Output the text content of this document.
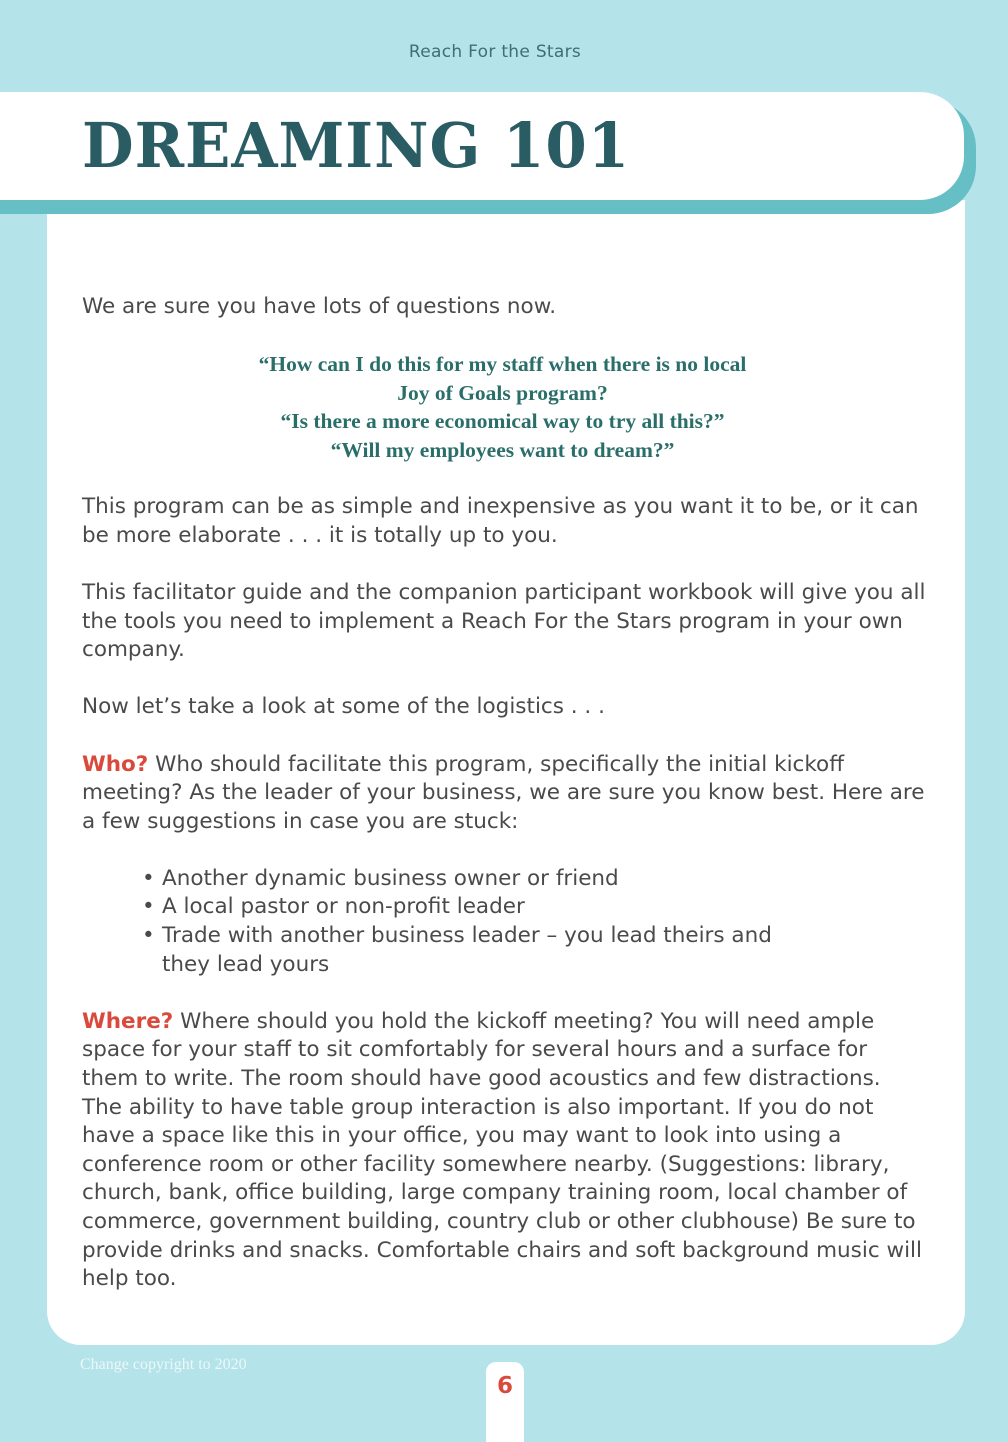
Reach For the Stars
DREAMING 101

We are sure you have lots of questions now.

“How can I do this for my staff when there is no local
Joy of Goals program?
“Is there a more economical way to try all this?”
“Will my employees want to dream?”

This program can be as simple and inexpensive as you want it to be, or it can be more elaborate . . . it is totally up to you.

This facilitator guide and the companion participant workbook will give you all the tools you need to implement a Reach For the Stars program in your own company.

Now let’s take a look at some of the logistics . . .

Who? Who should facilitate this program, specifically the initial kickoff meeting? As the leader of your business, we are sure you know best. Here are a few suggestions in case you are stuck:

• Another dynamic business owner or friend
• A local pastor or non-profit leader
• Trade with another business leader – you lead theirs and they lead yours

Where? Where should you hold the kickoff meeting? You will need ample space for your staff to sit comfortably for several hours and a surface for them to write. The room should have good acoustics and few distractions. The ability to have table group interaction is also important. If you do not have a space like this in your office, you may want to look into using a conference room or other facility somewhere nearby. (Suggestions: library, church, bank, office building, large company training room, local chamber of commerce, government building, country club or other clubhouse) Be sure to provide drinks and snacks. Comfortable chairs and soft background music will help too.

Change copyright to 2020
6
